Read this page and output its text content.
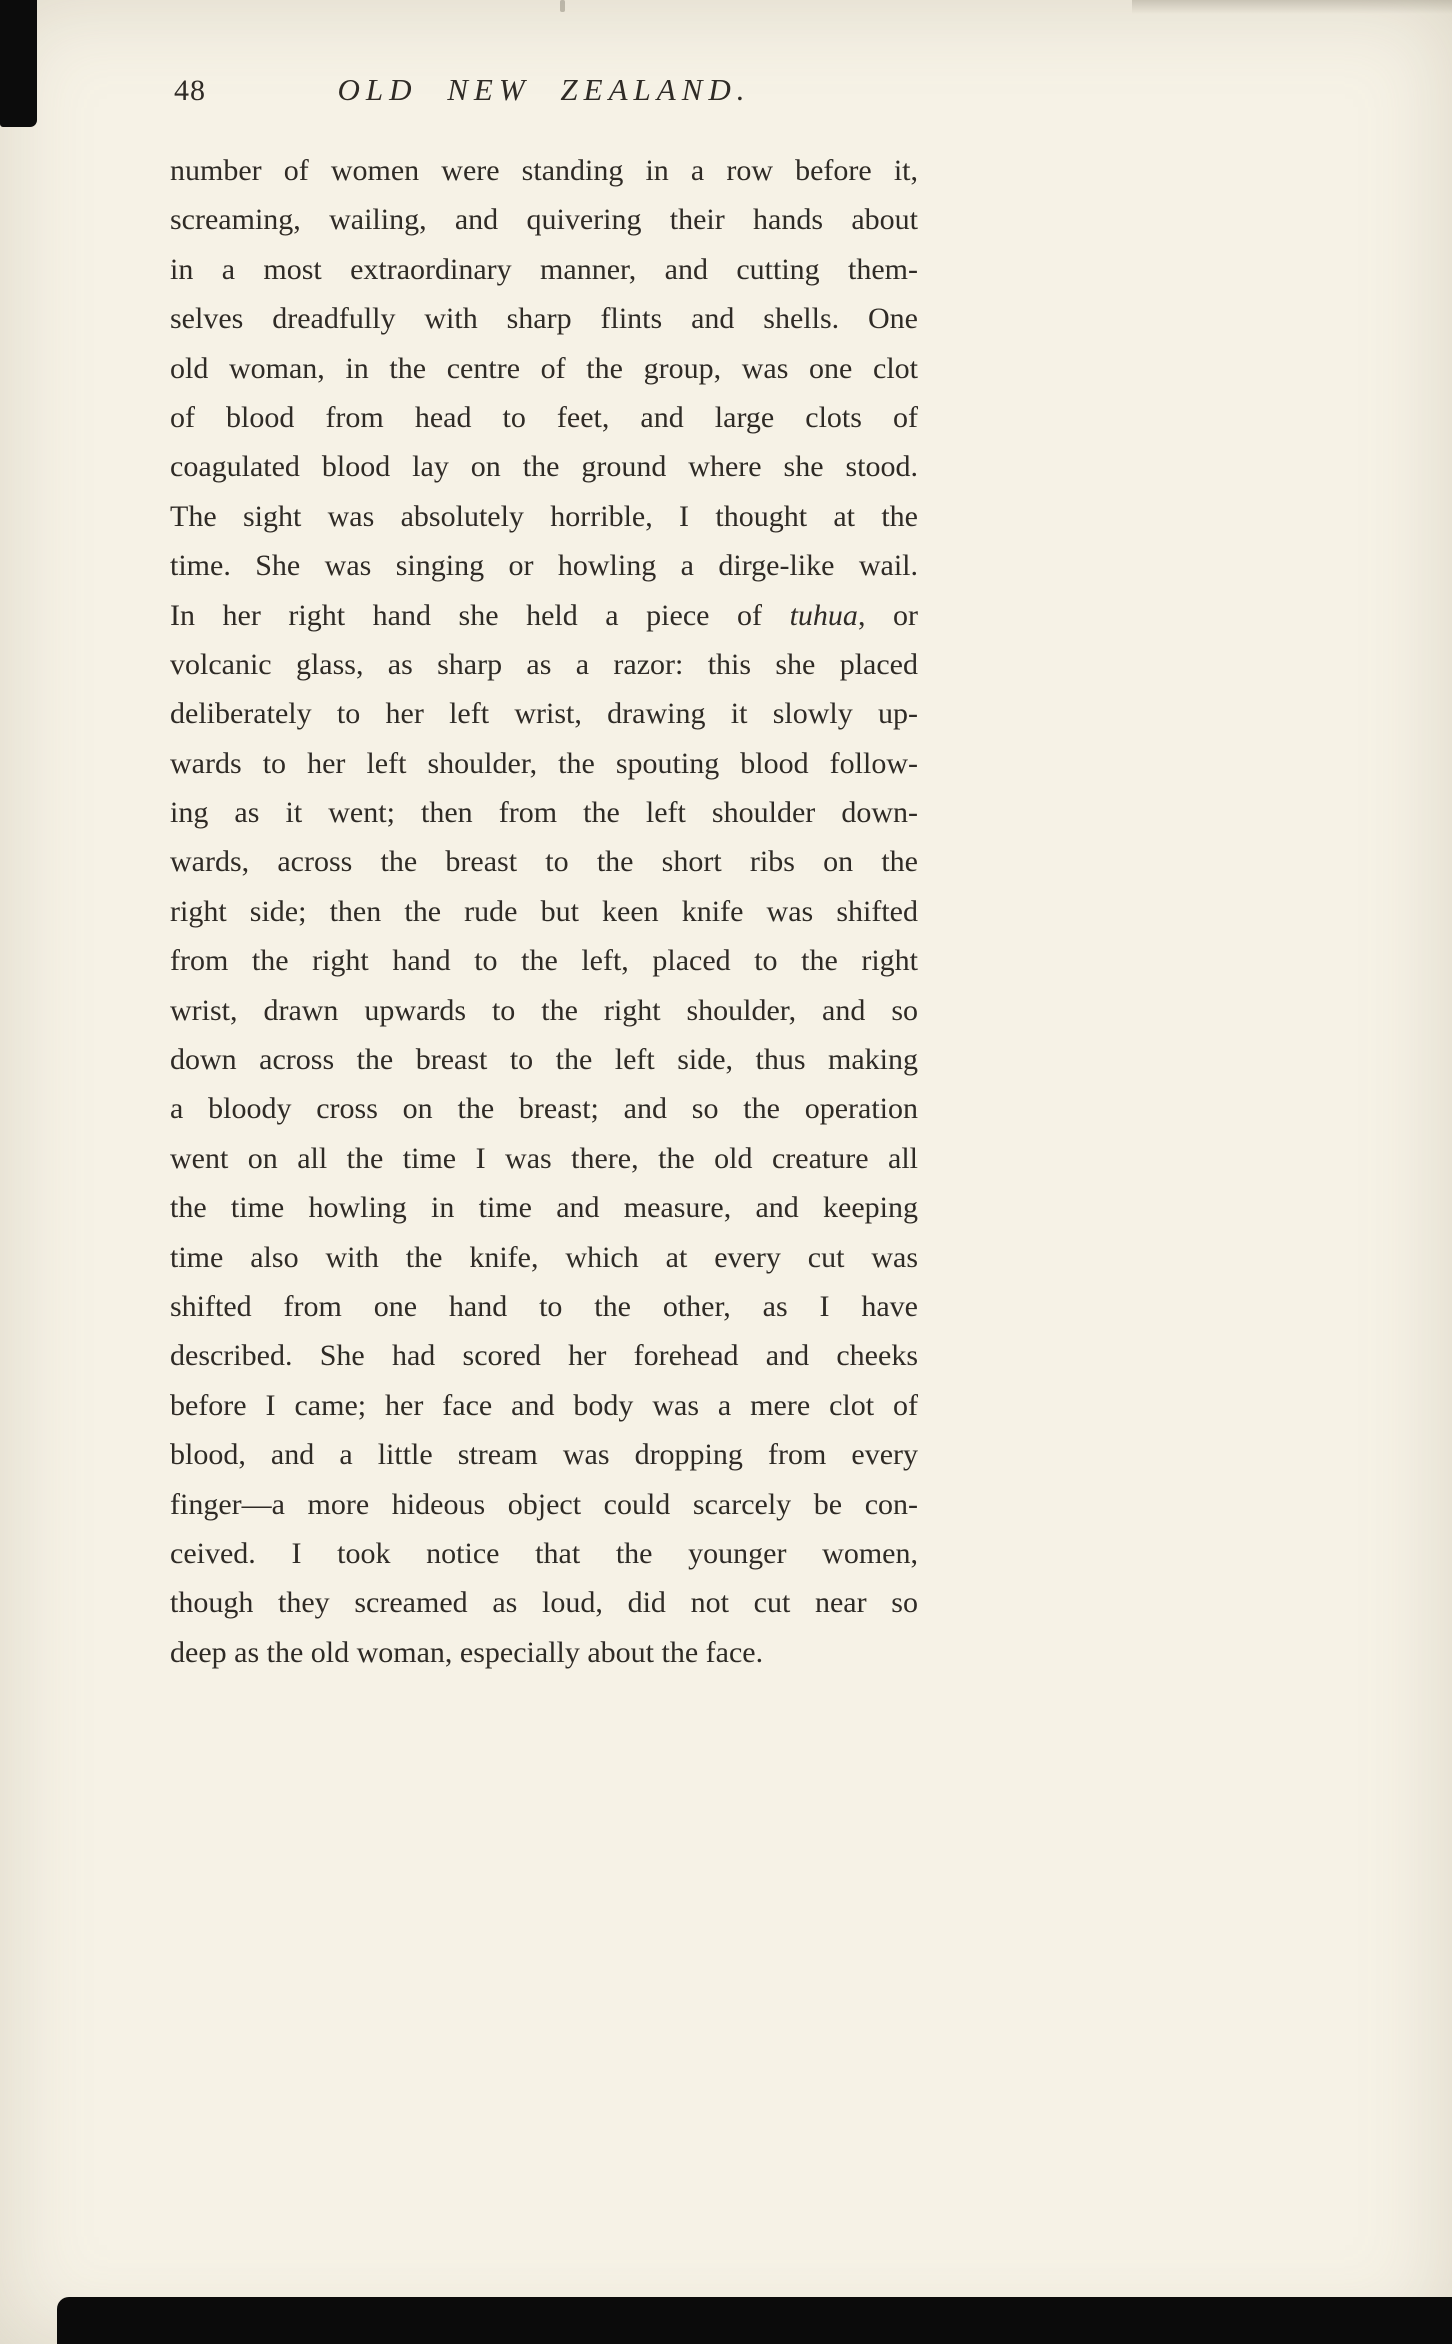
48	OLD NEW ZEALAND.
number of women were standing in a row before it,
screaming, wailing, and quivering their hands about
in a most extraordinary manner, and cutting them-
selves dreadfully with sharp flints and shells. One
old woman, in the centre of the group, was one clot
of blood from head to feet, and large clots of
coagulated blood lay on the ground where she stood.
The sight was absolutely horrible, I thought at the
time. She was singing or howling a dirge-like wail.
In her right hand she held a piece of tuhua, or
volcanic glass, as sharp as a razor: this she placed
deliberately to her left wrist, drawing it slowly up-
wards to her left shoulder, the spouting blood follow-
ing as it went; then from the left shoulder down-
wards, across the breast to the short ribs on the
right side; then the rude but keen knife was shifted
from the right hand to the left, placed to the right
wrist, drawn upwards to the right shoulder, and so
down across the breast to the left side, thus making
a bloody cross on the breast; and so the operation
went on all the time I was there, the old creature all
the time howling in time and measure, and keeping
time also with the knife, which at every cut was
shifted from one hand to the other, as I have
described. She had scored her forehead and cheeks
before I came; her face and body was a mere clot of
blood, and a little stream was dropping from every
finger—a more hideous object could scarcely be con-
ceived. I took notice that the younger women,
though they screamed as loud, did not cut near so
deep as the old woman, especially about the face.
